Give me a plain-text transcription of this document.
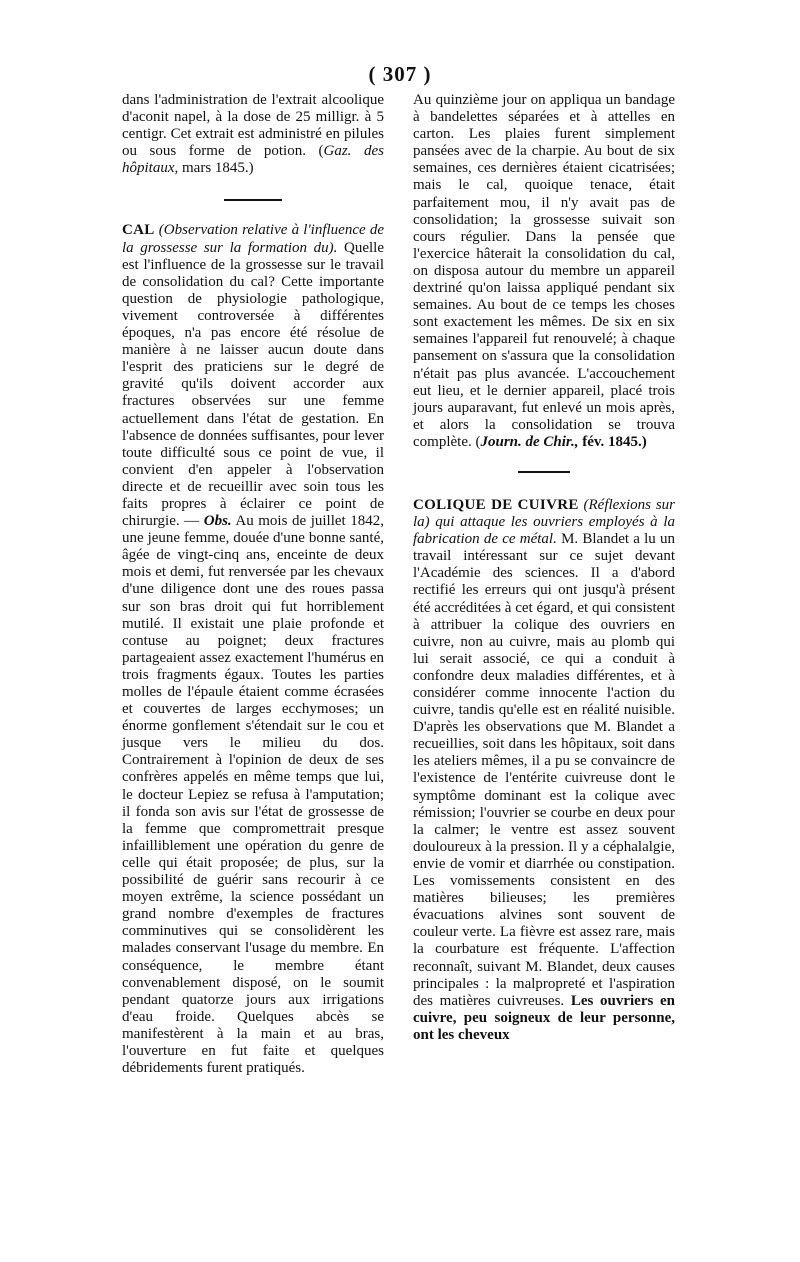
( 307 )

dans l'administration de l'extrait alcoolique d'aconit napel, à la dose de 25 milligr. à 5 centigr. Cet extrait est administré en pilules ou sous forme de potion. (Gaz. des hôpitaux, mars 1845.)

CAL (Observation relative à l'influence de la grossesse sur la formation du). Quelle est l'influence de la grossesse sur le travail de consolidation du cal? Cette importante question de physiologie pathologique, vivement controversée à différentes époques, n'a pas encore été résolue de manière à ne laisser aucun doute dans l'esprit des praticiens sur le degré de gravité qu'ils doivent accorder aux fractures observées sur une femme actuellement dans l'état de gestation. En l'absence de données suffisantes, pour lever toute difficulté sous ce point de vue, il convient d'en appeler à l'observation directe et de recueillir avec soin tous les faits propres à éclairer ce point de chirurgie. — Obs. Au mois de juillet 1842, une jeune femme, douée d'une bonne santé, âgée de vingt-cinq ans, enceinte de deux mois et demi, fut renversée par les chevaux d'une diligence dont une des roues passa sur son bras droit qui fut horriblement mutilé. Il existait une plaie profonde et contuse au poignet; deux fractures partageaient assez exactement l'humérus en trois fragments égaux. Toutes les parties molles de l'épaule étaient comme écrasées et couvertes de larges ecchymoses; un énorme gonflement s'étendait sur le cou et jusque vers le milieu du dos. Contrairement à l'opinion de deux de ses confrères appelés en même temps que lui, le docteur Lepiez se refusa à l'amputation; il fonda son avis sur l'état de grossesse de la femme que compromettrait presque infailliblement une opération du genre de celle qui était proposée; de plus, sur la possibilité de guérir sans recourir à ce moyen extrême, la science possédant un grand nombre d'exemples de fractures comminutives qui se consolidèrent les malades conservant l'usage du membre. En conséquence, le membre étant convenablement disposé, on le soumit pendant quatorze jours aux irrigations d'eau froide. Quelques abcès se manifestèrent à la main et au bras, l'ouverture en fut faite et quelques débridements furent pratiqués.

Au quinzième jour on appliqua un bandage à bandelettes séparées et à attelles en carton. Les plaies furent simplement pansées avec de la charpie. Au bout de six semaines, ces dernières étaient cicatrisées; mais le cal, quoique tenace, était parfaitement mou, il n'y avait pas de consolidation; la grossesse suivait son cours régulier. Dans la pensée que l'exercice hâterait la consolidation du cal, on disposa autour du membre un appareil dextriné qu'on laissa appliqué pendant six semaines. Au bout de ce temps les choses sont exactement les mêmes. De six en six semaines l'appareil fut renouvelé; à chaque pansement on s'assura que la consolidation n'était pas plus avancée. L'accouchement eut lieu, et le dernier appareil, placé trois jours auparavant, fut enlevé un mois après, et alors la consolidation se trouva complète. (Journ. de Chir., fév. 1845.)

COLIQUE DE CUIVRE (Réflexions sur la) qui attaque les ouvriers employés à la fabrication de ce métal. M. Blandet a lu un travail intéressant sur ce sujet devant l'Académie des sciences. Il a d'abord rectifié les erreurs qui ont jusqu'à présent été accréditées à cet égard, et qui consistent à attribuer la colique des ouvriers en cuivre, non au cuivre, mais au plomb qui lui serait associé, ce qui a conduit à confondre deux maladies différentes, et à considérer comme innocente l'action du cuivre, tandis qu'elle est en réalité nuisible. D'après les observations que M. Blandet a recueillies, soit dans les hôpitaux, soit dans les ateliers mêmes, il a pu se convaincre de l'existence de l'entérite cuivreuse dont le symptôme dominant est la colique avec rémission; l'ouvrier se courbe en deux pour la calmer; le ventre est assez souvent douloureux à la pression. Il y a céphalalgie, envie de vomir et diarrhée ou constipation. Les vomissements consistent en des matières bilieuses; les premières évacuations alvines sont souvent de couleur verte. La fièvre est assez rare, mais la courbature est fréquente. L'affection reconnaît, suivant M. Blandet, deux causes principales : la malpropreté et l'aspiration des matières cuivreuses. Les ouvriers en cuivre, peu soigneux de leur personne, ont les cheveux
